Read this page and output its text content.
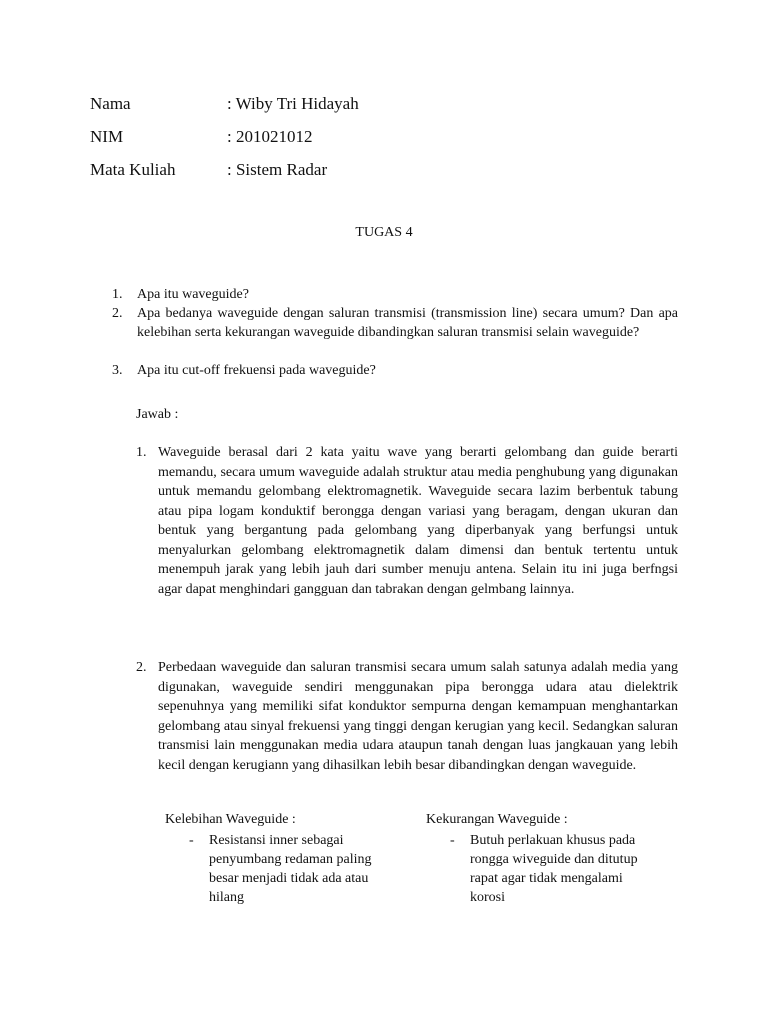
Nama	: Wiby Tri Hidayah
NIM	: 201021012
Mata Kuliah	: Sistem Radar
TUGAS 4
1. Apa itu waveguide?
2. Apa bedanya waveguide dengan saluran transmisi (transmission line) secara umum? Dan apa kelebihan serta kekurangan waveguide dibandingkan saluran transmisi selain waveguide?
3. Apa itu cut-off frekuensi pada waveguide?
Jawab :
1. Waveguide berasal dari 2 kata yaitu wave yang berarti gelombang dan guide berarti memandu, secara umum waveguide adalah struktur atau media penghubung yang digunakan untuk memandu gelombang elektromagnetik. Waveguide secara lazim berbentuk tabung atau pipa logam konduktif berongga dengan variasi yang beragam, dengan ukuran dan bentuk yang bergantung pada gelombang yang diperbanyak yang berfungsi untuk menyalurkan gelombang elektromagnetik dalam dimensi dan bentuk tertentu untuk menempuh jarak yang lebih jauh dari sumber menuju antena. Selain itu ini juga berfngsi agar dapat menghindari gangguan dan tabrakan dengan gelmbang lainnya.
2. Perbedaan waveguide dan saluran transmisi secara umum salah satunya adalah media yang digunakan, waveguide sendiri menggunakan pipa berongga udara atau dielektrik sepenuhnya yang memiliki sifat konduktor sempurna dengan kemampuan menghantarkan gelombang atau sinyal frekuensi yang tinggi dengan kerugian yang kecil. Sedangkan saluran transmisi lain menggunakan media udara ataupun tanah dengan luas jangkauan yang lebih kecil dengan kerugiann yang dihasilkan lebih besar dibandingkan dengan waveguide.
Kelebihan Waveguide :
- Resistansi inner sebagai penyumbang redaman paling besar menjadi tidak ada atau hilang
Kekurangan Waveguide :
- Butuh perlakuan khusus pada rongga wiveguide dan ditutup rapat agar tidak mengalami korosi
